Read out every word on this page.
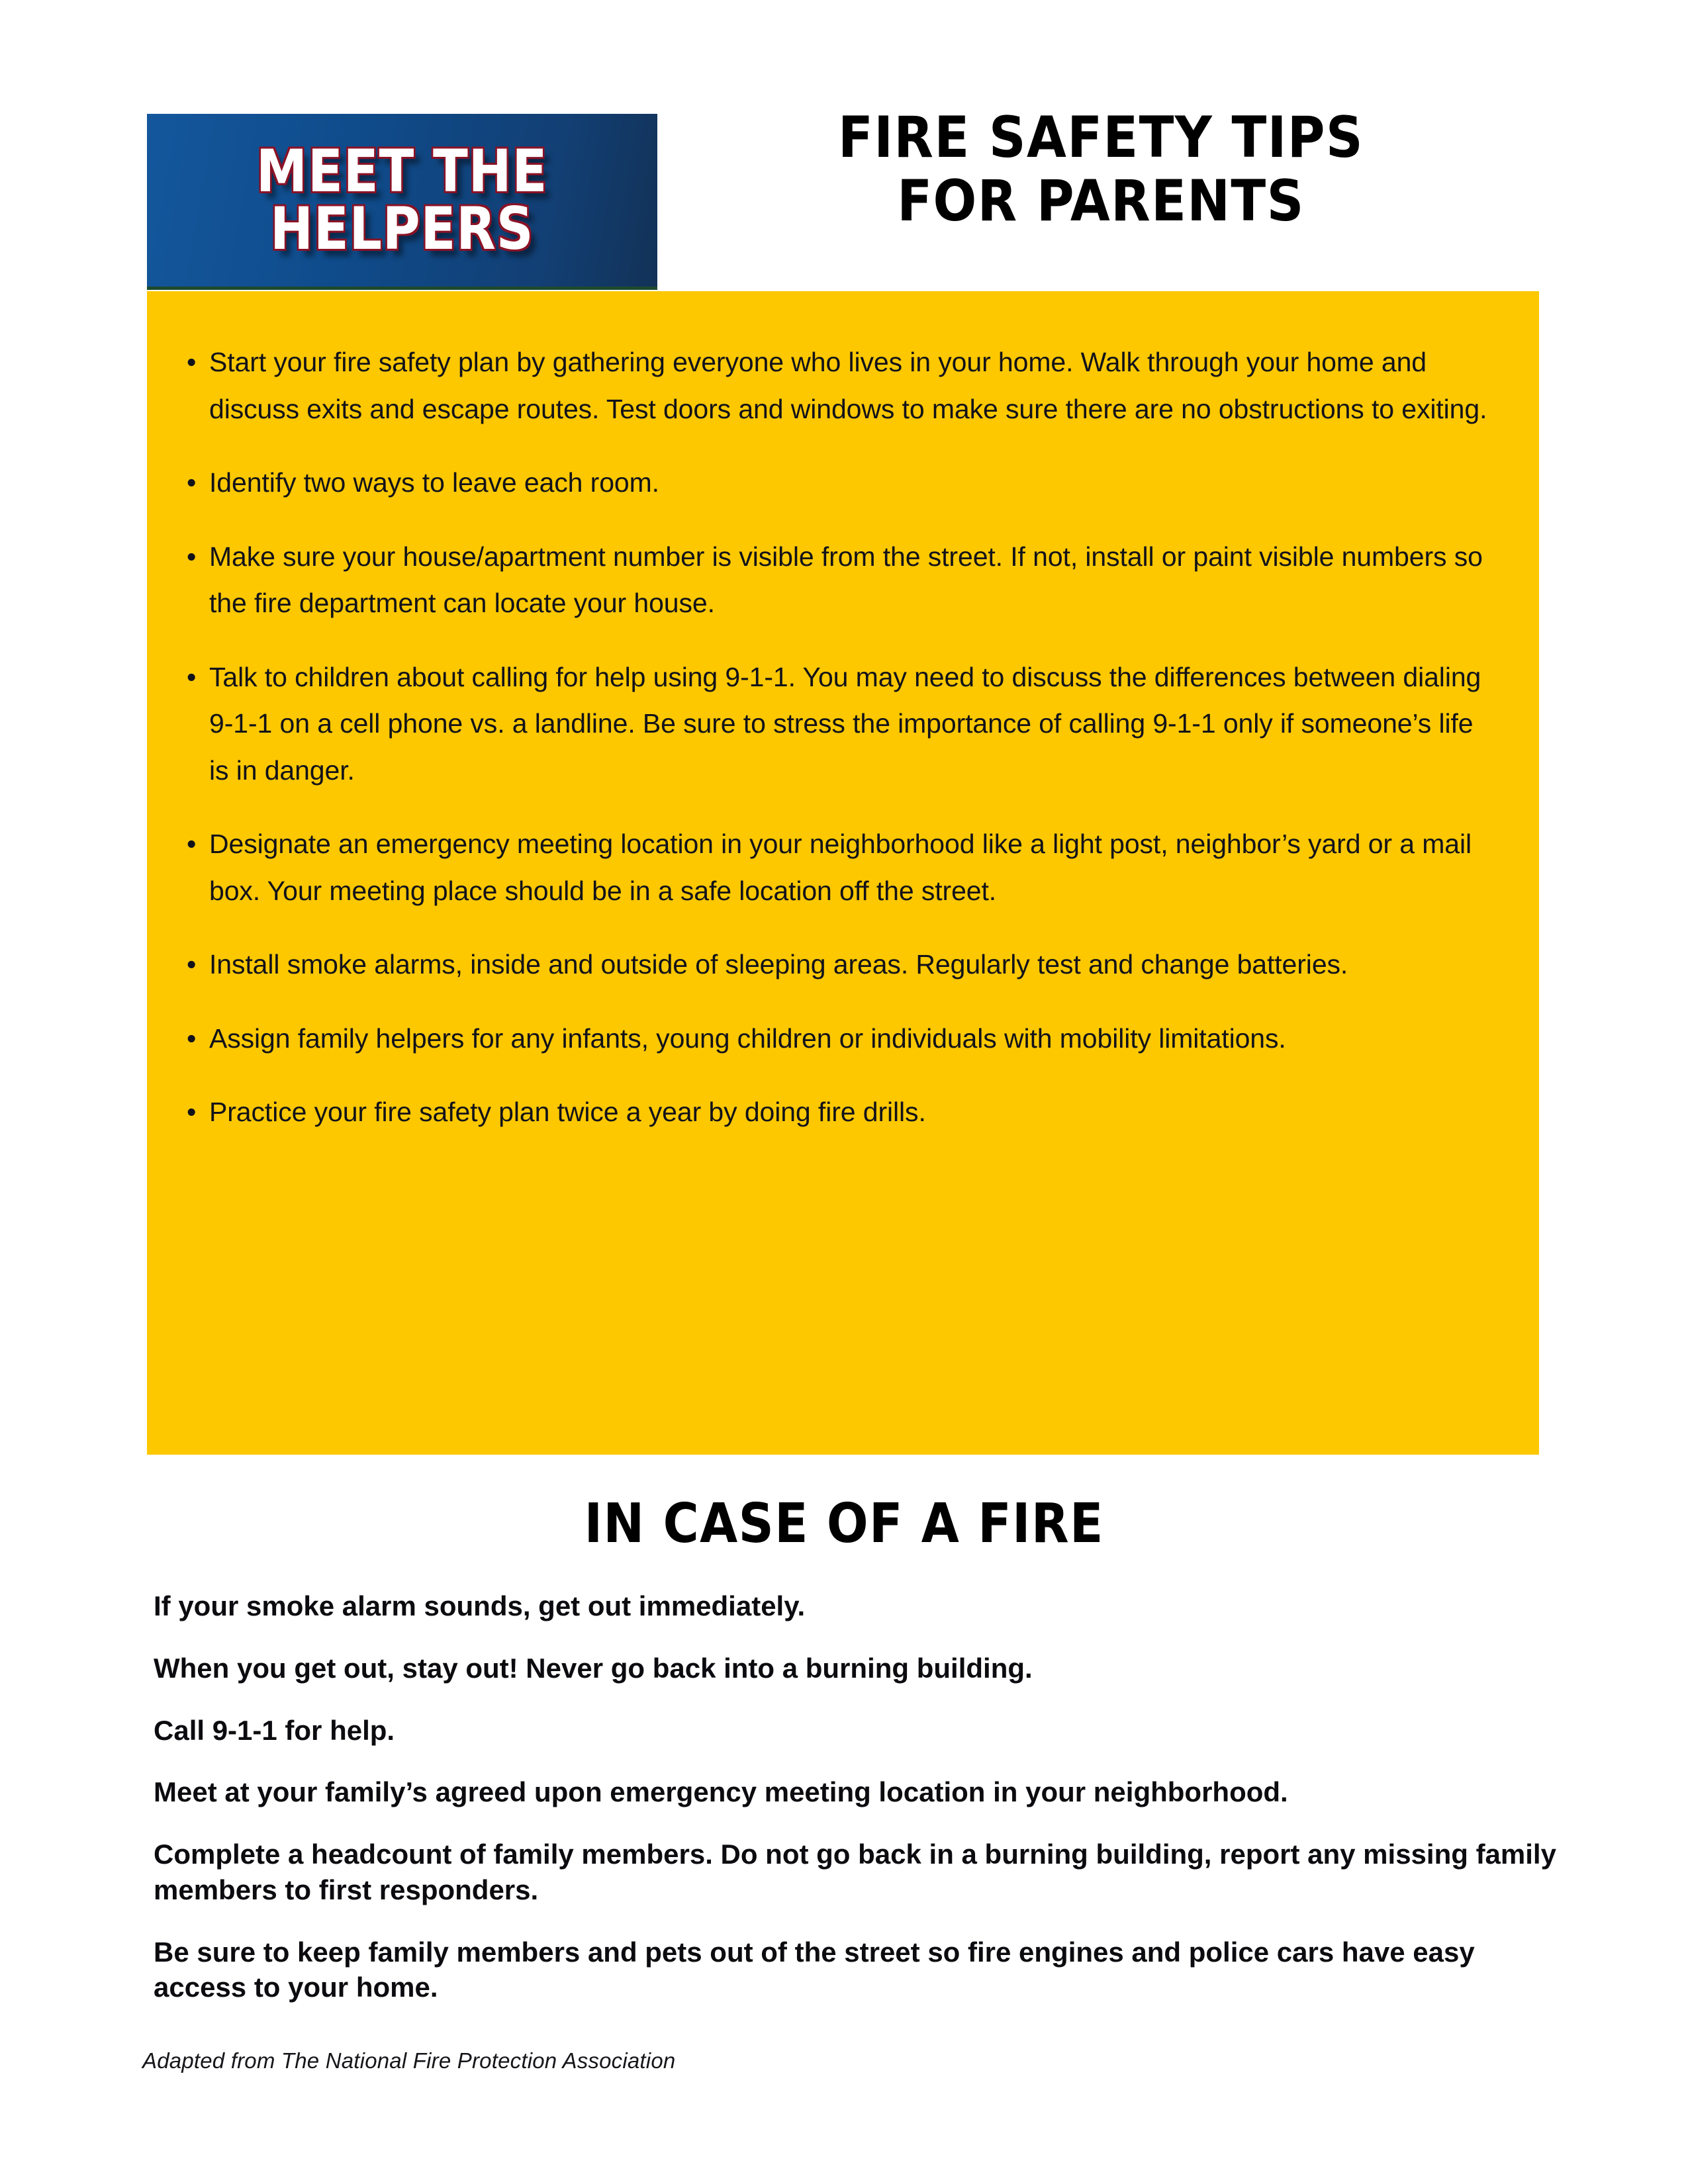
MEET THE
HELPERS
FIRE SAFETY TIPS
FOR PARENTS
• Start your fire safety plan by gathering everyone who lives in your home. Walk through your home and discuss exits and escape routes. Test doors and windows to make sure there are no obstructions to exiting.
• Identify two ways to leave each room.
• Make sure your house/apartment number is visible from the street. If not, install or paint visible numbers so the fire department can locate your house.
• Talk to children about calling for help using 9-1-1. You may need to discuss the differences between dialing 9-1-1 on a cell phone vs. a landline. Be sure to stress the importance of calling 9-1-1 only if someone’s life is in danger.
• Designate an emergency meeting location in your neighborhood like a light post, neighbor’s yard or a mail box. Your meeting place should be in a safe location off the street.
• Install smoke alarms, inside and outside of sleeping areas. Regularly test and change batteries.
• Assign family helpers for any infants, young children or individuals with mobility limitations.
• Practice your fire safety plan twice a year by doing fire drills.
IN CASE OF A FIRE
If your smoke alarm sounds, get out immediately.
When you get out, stay out! Never go back into a burning building.
Call 9-1-1 for help.
Meet at your family’s agreed upon emergency meeting location in your neighborhood.
Complete a headcount of family members. Do not go back in a burning building, report any missing family members to first responders.
Be sure to keep family members and pets out of the street so fire engines and police cars have easy access to your home.
Adapted from The National Fire Protection Association
